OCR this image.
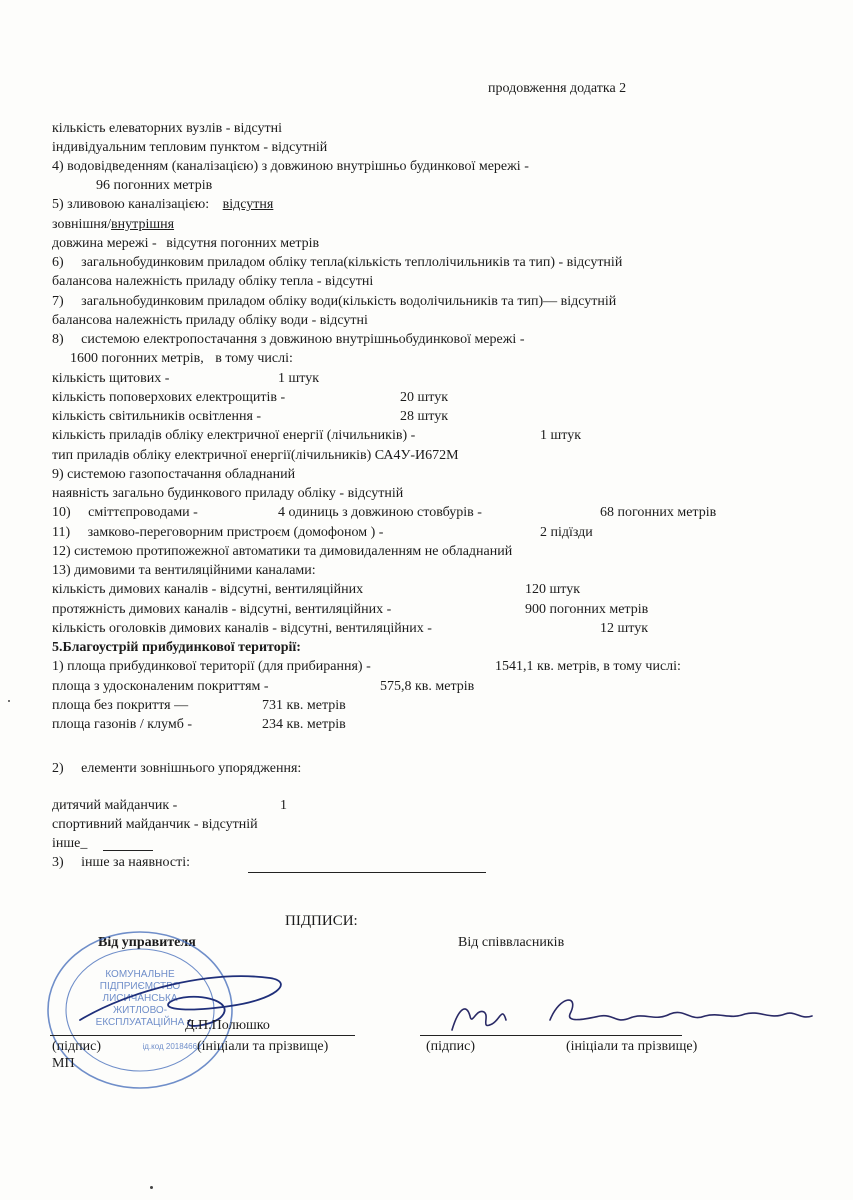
продовження додатка 2
кількість елеваторних вузлів - відсутні
індивідуальним тепловим пунктом - відсутній
4) водовідведенням (каналізацією) з довжиною внутрішньо будинкової мережі -
96 погонних метрів
5) зливовою каналізацією: відсутня
зовнішня/внутрішня
довжина мережі - відсутня погонних метрів
6) загальнобудинковим приладом обліку тепла(кількість теплолічильників та тип) - відсутній
балансова належність приладу обліку тепла - відсутні
7) загальнобудинковим приладом обліку води(кількість водолічильників та тип)— відсутній
балансова належність приладу обліку води - відсутні
8) системою електропостачання з довжиною внутрішньобудинкової мережі -
1600 погонних метрів, в тому числі:
кількість щитових -	1 штук
кількість поповерхових електрощитів -	20 штук
кількість світильників освітлення -	28 штук
кількість приладів обліку електричної енергії (лічильників) -	1 штук
тип приладів обліку електричної енергії(лічильників) СА4У-И672М
9) системою газопостачання обладнаний
наявність загально будинкового приладу обліку - відсутній
10) сміттєпроводами -	4 одиниць з довжиною стовбурів -	68 погонних метрів
11) замково-переговорним пристроєм (домофоном ) -	2 підїзди
12) системою протипожежної автоматики та димовидаленням не обладнаний
13) димовими та вентиляційними каналами:
кількість димових каналів - відсутні, вентиляційних	120 штук
протяжність димових каналів - відсутні, вентиляційних -	900 погонних метрів
кількість оголовків димових каналів - відсутні, вентиляційних -	12 штук
5.Благоустрій прибудинкової території:
1) площа прибудинкової території (для прибирання) -	1541,1 кв. метрів, в тому числі:
площа з удосконаленим покриттям -	575,8 кв. метрів
площа без покриття —	731 кв. метрів
площа газонів / клумб -	234 кв. метрів
2) елементи зовнішнього упорядження:
дитячий майданчик -	1
спортивний майданчик - відсутній
інше_
3) інше за наявності:
ПІДПИСИ:
Від управителя	Від співвласників
КОМУНАЛЬНЕ
ПІДПРИЄМСТВО
ЛИСИЧАНСЬКА
ЖИТЛОВО-
ЕКСПЛУАТАЦІЙНА
ід.код 20184661
Д.П.Полюшко
(підпис)	(ініціали та прізвище)
МП
(підпис)	(ініціали та прізвище)
